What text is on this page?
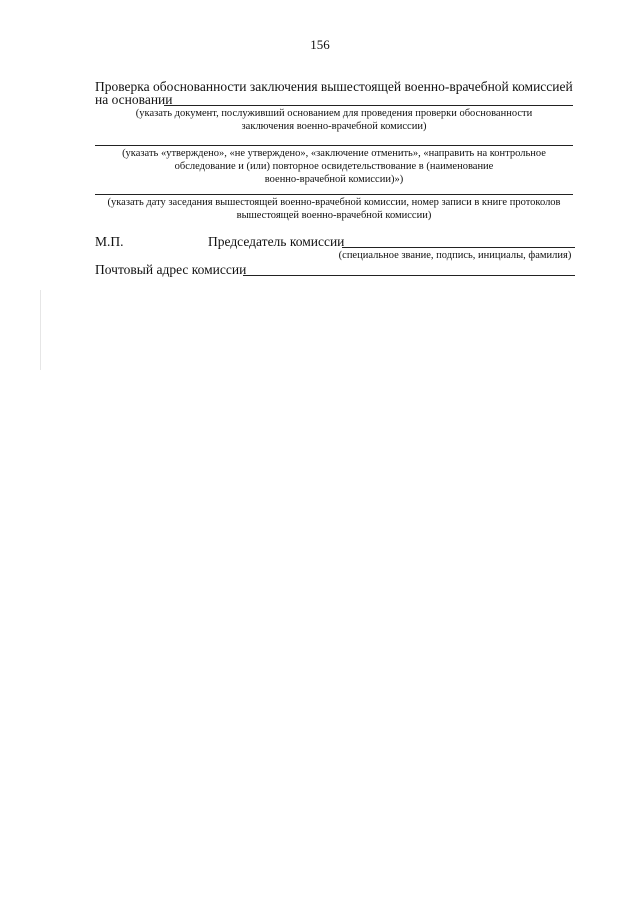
156
Проверка обоснованности заключения вышестоящей военно-врачебной комиссией
на основании
(указать документ, послуживший основанием для проведения проверки обоснованности
заключения военно-врачебной комиссии)
(указать «утверждено», «не утверждено», «заключение отменить», «направить на контрольное
обследование и (или) повторное освидетельствование в (наименование
военно-врачебной комиссии)»)
(указать дату заседания вышестоящей военно-врачебной комиссии, номер записи в книге протоколов
вышестоящей военно-врачебной комиссии)
М.П.	Председатель комиссии
(специальное звание, подпись, инициалы, фамилия)
Почтовый адрес комиссии
